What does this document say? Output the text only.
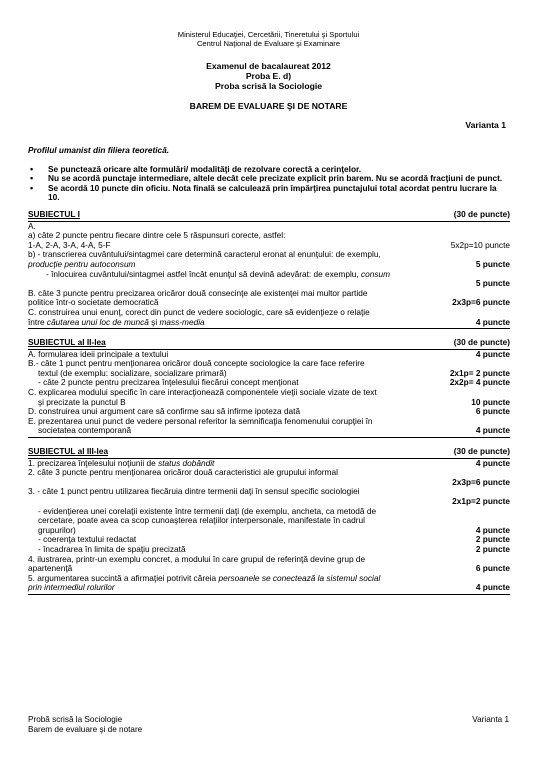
Ministerul Educaţiei, Cercetării, Tineretului şi Sportului
Centrul Naţional de Evaluare şi Examinare
Examenul de bacalaureat 2012
Proba E. d)
Proba scrisă la Sociologie
BAREM DE EVALUARE ŞI DE NOTARE
Varianta 1
Profilul umanist din filiera teoretică.
• Se punctează oricare alte formulări/ modalităţi de rezolvare corectă a cerinţelor.
• Nu se acordă punctaje intermediare, altele decât cele precizate explicit prin barem. Nu se acordă fracţiuni de punct.
• Se acordă 10 puncte din oficiu. Nota finală se calculează prin împărţirea punctajului total acordat pentru lucrare la 10.
SUBIECTUL I	(30 de puncte)
A.
a) câte 2 puncte pentru fiecare dintre cele 5 răspunsuri corecte, astfel:
1-A, 2-A, 3-A, 4-A, 5-F	5x2p=10 puncte
b) - transcrierea cuvântului/sintagmei care determină caracterul eronat al enunţului: de exemplu,
producţie pentru autoconsum	5 puncte
- înlocuirea cuvântului/sintagmei astfel încât enunţul să devină adevărat: de exemplu, consum
5 puncte
B. câte 3 puncte pentru precizarea oricăror două consecinţe ale existenţei mai multor partide
politice într-o societate democratică	2x3p=6 puncte
C. construirea unui enunţ, corect din punct de vedere sociologic, care să evidenţieze o relaţie
între căutarea unui loc de muncă şi mass-media	4 puncte
SUBIECTUL al II-lea	(30 de puncte)
A. formularea ideii principale a textului	4 puncte
B.- câte 1 punct pentru menţionarea oricăror două concepte sociologice la care face referire
textul (de exemplu: socializare, socializare primară)	2x1p= 2 puncte
- câte 2 puncte pentru precizarea înţelesului fiecărui concept menţionat	2x2p= 4 puncte
C. explicarea modului specific în care interacţionează componentele vieţii sociale vizate de text
şi precizate la punctul B	10 puncte
D. construirea unui argument care să confirme sau să infirme ipoteza dată	6 puncte
E. prezentarea unui punct de vedere personal referitor la semnificaţia fenomenului corupţiei în
societatea contemporană	4 puncte
SUBIECTUL al III-lea	(30 de puncte)
1. precizarea înţelesului noţiunii de status dobândit	4 puncte
2. câte 3 puncte pentru menţionarea oricăror două caracteristici ale grupului informal
2x3p=6 puncte
3. - câte 1 punct pentru utilizarea fiecăruia dintre termenii daţi în sensul specific sociologiei
2x1p=2 puncte
- evidenţierea unei corelaţii existente între termenii daţi (de exemplu, ancheta, ca metodă de
cercetare, poate avea ca scop cunoaşterea relaţiilor interpersonale, manifestate în cadrul
grupurilor)	4 puncte
- coerenţa textului redactat	2 puncte
- încadrarea în limita de spaţiu precizată	2 puncte
4. ilustrarea, printr-un exemplu concret, a modului în care grupul de referinţă devine grup de
apartenenţă	6 puncte
5. argumentarea succintă a afirmaţiei potrivit căreia persoanele se conectează la sistemul social
prin intermediul rolurilor	4 puncte
Probă scrisă la Sociologie	Varianta 1
Barem de evaluare şi de notare
